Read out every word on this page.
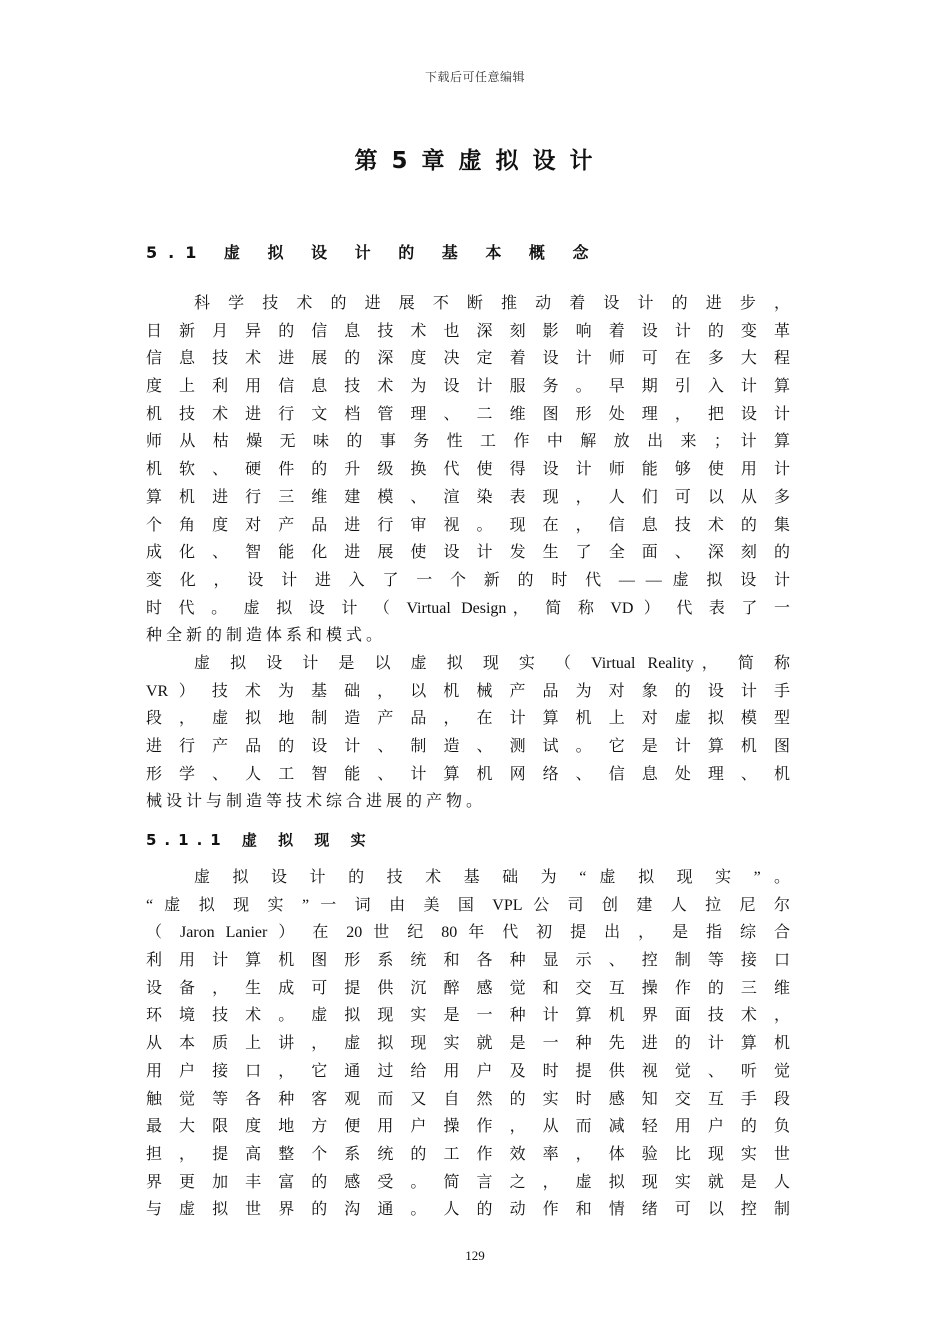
下载后可任意编辑
第 5 章 虚 拟 设 计
5.1 虚 拟 设 计 的 基 本 概 念
科 学 技 术 的 进 展 不 断 推 动 着 设 计 的 进 步 ，
日 新 月 异 的 信 息 技 术 也 深 刻 影 响 着 设 计 的 变 革
信 息 技 术 进 展 的 深 度 决 定 着 设 计 师 可 在 多 大 程
度 上 利 用 信 息 技 术 为 设 计 服 务 。 早 期 引 入 计 算
机 技 术 进 行 文 档 管 理 、 二 维 图 形 处 理 ， 把 设 计
师 从 枯 燥 无 味 的 事 务 性 工 作 中 解 放 出 来 ； 计 算
机 软 、 硬 件 的 升 级 换 代 使 得 设 计 师 能 够 使 用 计
算 机 进 行 三 维 建 模 、 渲 染 表 现 ， 人 们 可 以 从 多
个 角 度 对 产 品 进 行 审 视 。 现 在 ， 信 息 技 术 的 集
成 化 、 智 能 化 进 展 使 设 计 发 生 了 全 面 、 深 刻 的
变 化 ， 设 计 进 入 了 一 个 新 的 时 代 — — 虚 拟 设 计
时 代 。 虚 拟 设 计 （ Virtual Design， 简 称 VD ） 代 表 了 一
种 全 新 的 制 造 体 系 和 模 式 。
虚 拟 设 计 是 以 虚 拟 现 实 （ Virtual Reality， 简 称
VR ） 技 术 为 基 础 ， 以 机 械 产 品 为 对 象 的 设 计 手
段 ， 虚 拟 地 制 造 产 品 ， 在 计 算 机 上 对 虚 拟 模 型
进 行 产 品 的 设 计 、 制 造 、 测 试 。 它 是 计 算 机 图
形 学 、 人 工 智 能 、 计 算 机 网 络 、 信 息 处 理 、 机
械 设 计 与 制 造 等 技 术 综 合 进 展 的 产 物 。
5.1.1 虚 拟 现 实
虚 拟 设 计 的 技 术 基 础 为 “ 虚 拟 现 实 ” 。
“ 虚 拟 现 实 ” 一 词 由 美 国 VPL 公 司 创 建 人 拉 尼 尔
（ Jaron Lanier ） 在 20 世 纪 80 年 代 初 提 出 ， 是 指 综 合
利 用 计 算 机 图 形 系 统 和 各 种 显 示 、 控 制 等 接 口
设 备 ， 生 成 可 提 供 沉 醉 感 觉 和 交 互 操 作 的 三 维
环 境 技 术 。 虚 拟 现 实 是 一 种 计 算 机 界 面 技 术 ，
从 本 质 上 讲 ， 虚 拟 现 实 就 是 一 种 先 进 的 计 算 机
用 户 接 口 ， 它 通 过 给 用 户 及 时 提 供 视 觉 、 听 觉
触 觉 等 各 种 客 观 而 又 自 然 的 实 时 感 知 交 互 手 段
最 大 限 度 地 方 便 用 户 操 作 ， 从 而 减 轻 用 户 的 负
担 ， 提 高 整 个 系 统 的 工 作 效 率 ， 体 验 比 现 实 世
界 更 加 丰 富 的 感 受 。 简 言 之 ， 虚 拟 现 实 就 是 人
与 虚 拟 世 界 的 沟 通 。 人 的 动 作 和 情 绪 可 以 控 制
129
